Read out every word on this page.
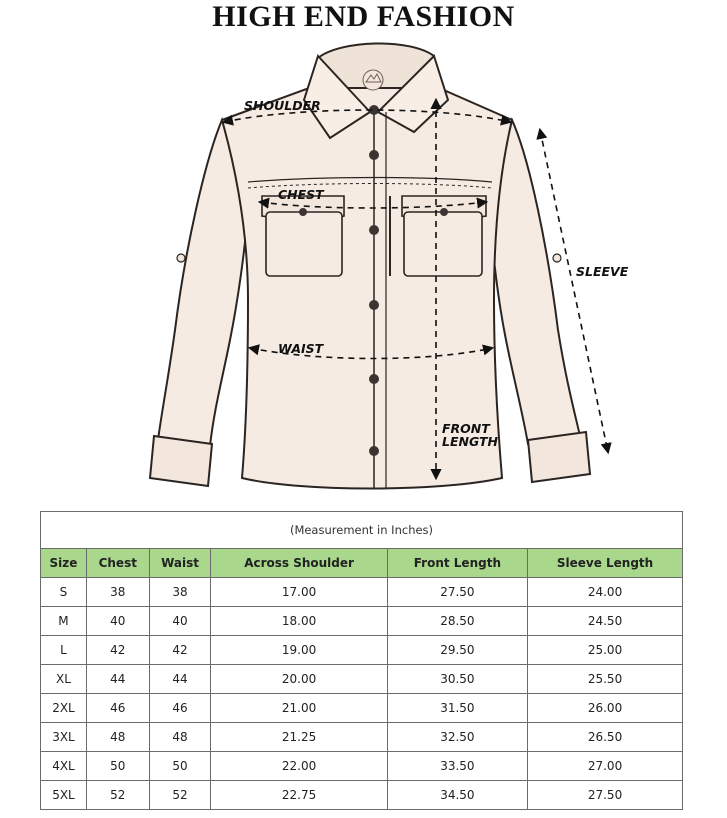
HIGH END FASHION
SHOULDER
CHEST
WAIST
SLEEVE
FRONT
LENGTH
(Measurement in Inches)					
Size	Chest	Waist	Across Shoulder	Front Length	Sleeve Length
S	38	38	17.00	27.50	24.00
M	40	40	18.00	28.50	24.50
L	42	42	19.00	29.50	25.00
XL	44	44	20.00	30.50	25.50
2XL	46	46	21.00	31.50	26.00
3XL	48	48	21.25	32.50	26.50
4XL	50	50	22.00	33.50	27.00
5XL	52	52	22.75	34.50	27.50
